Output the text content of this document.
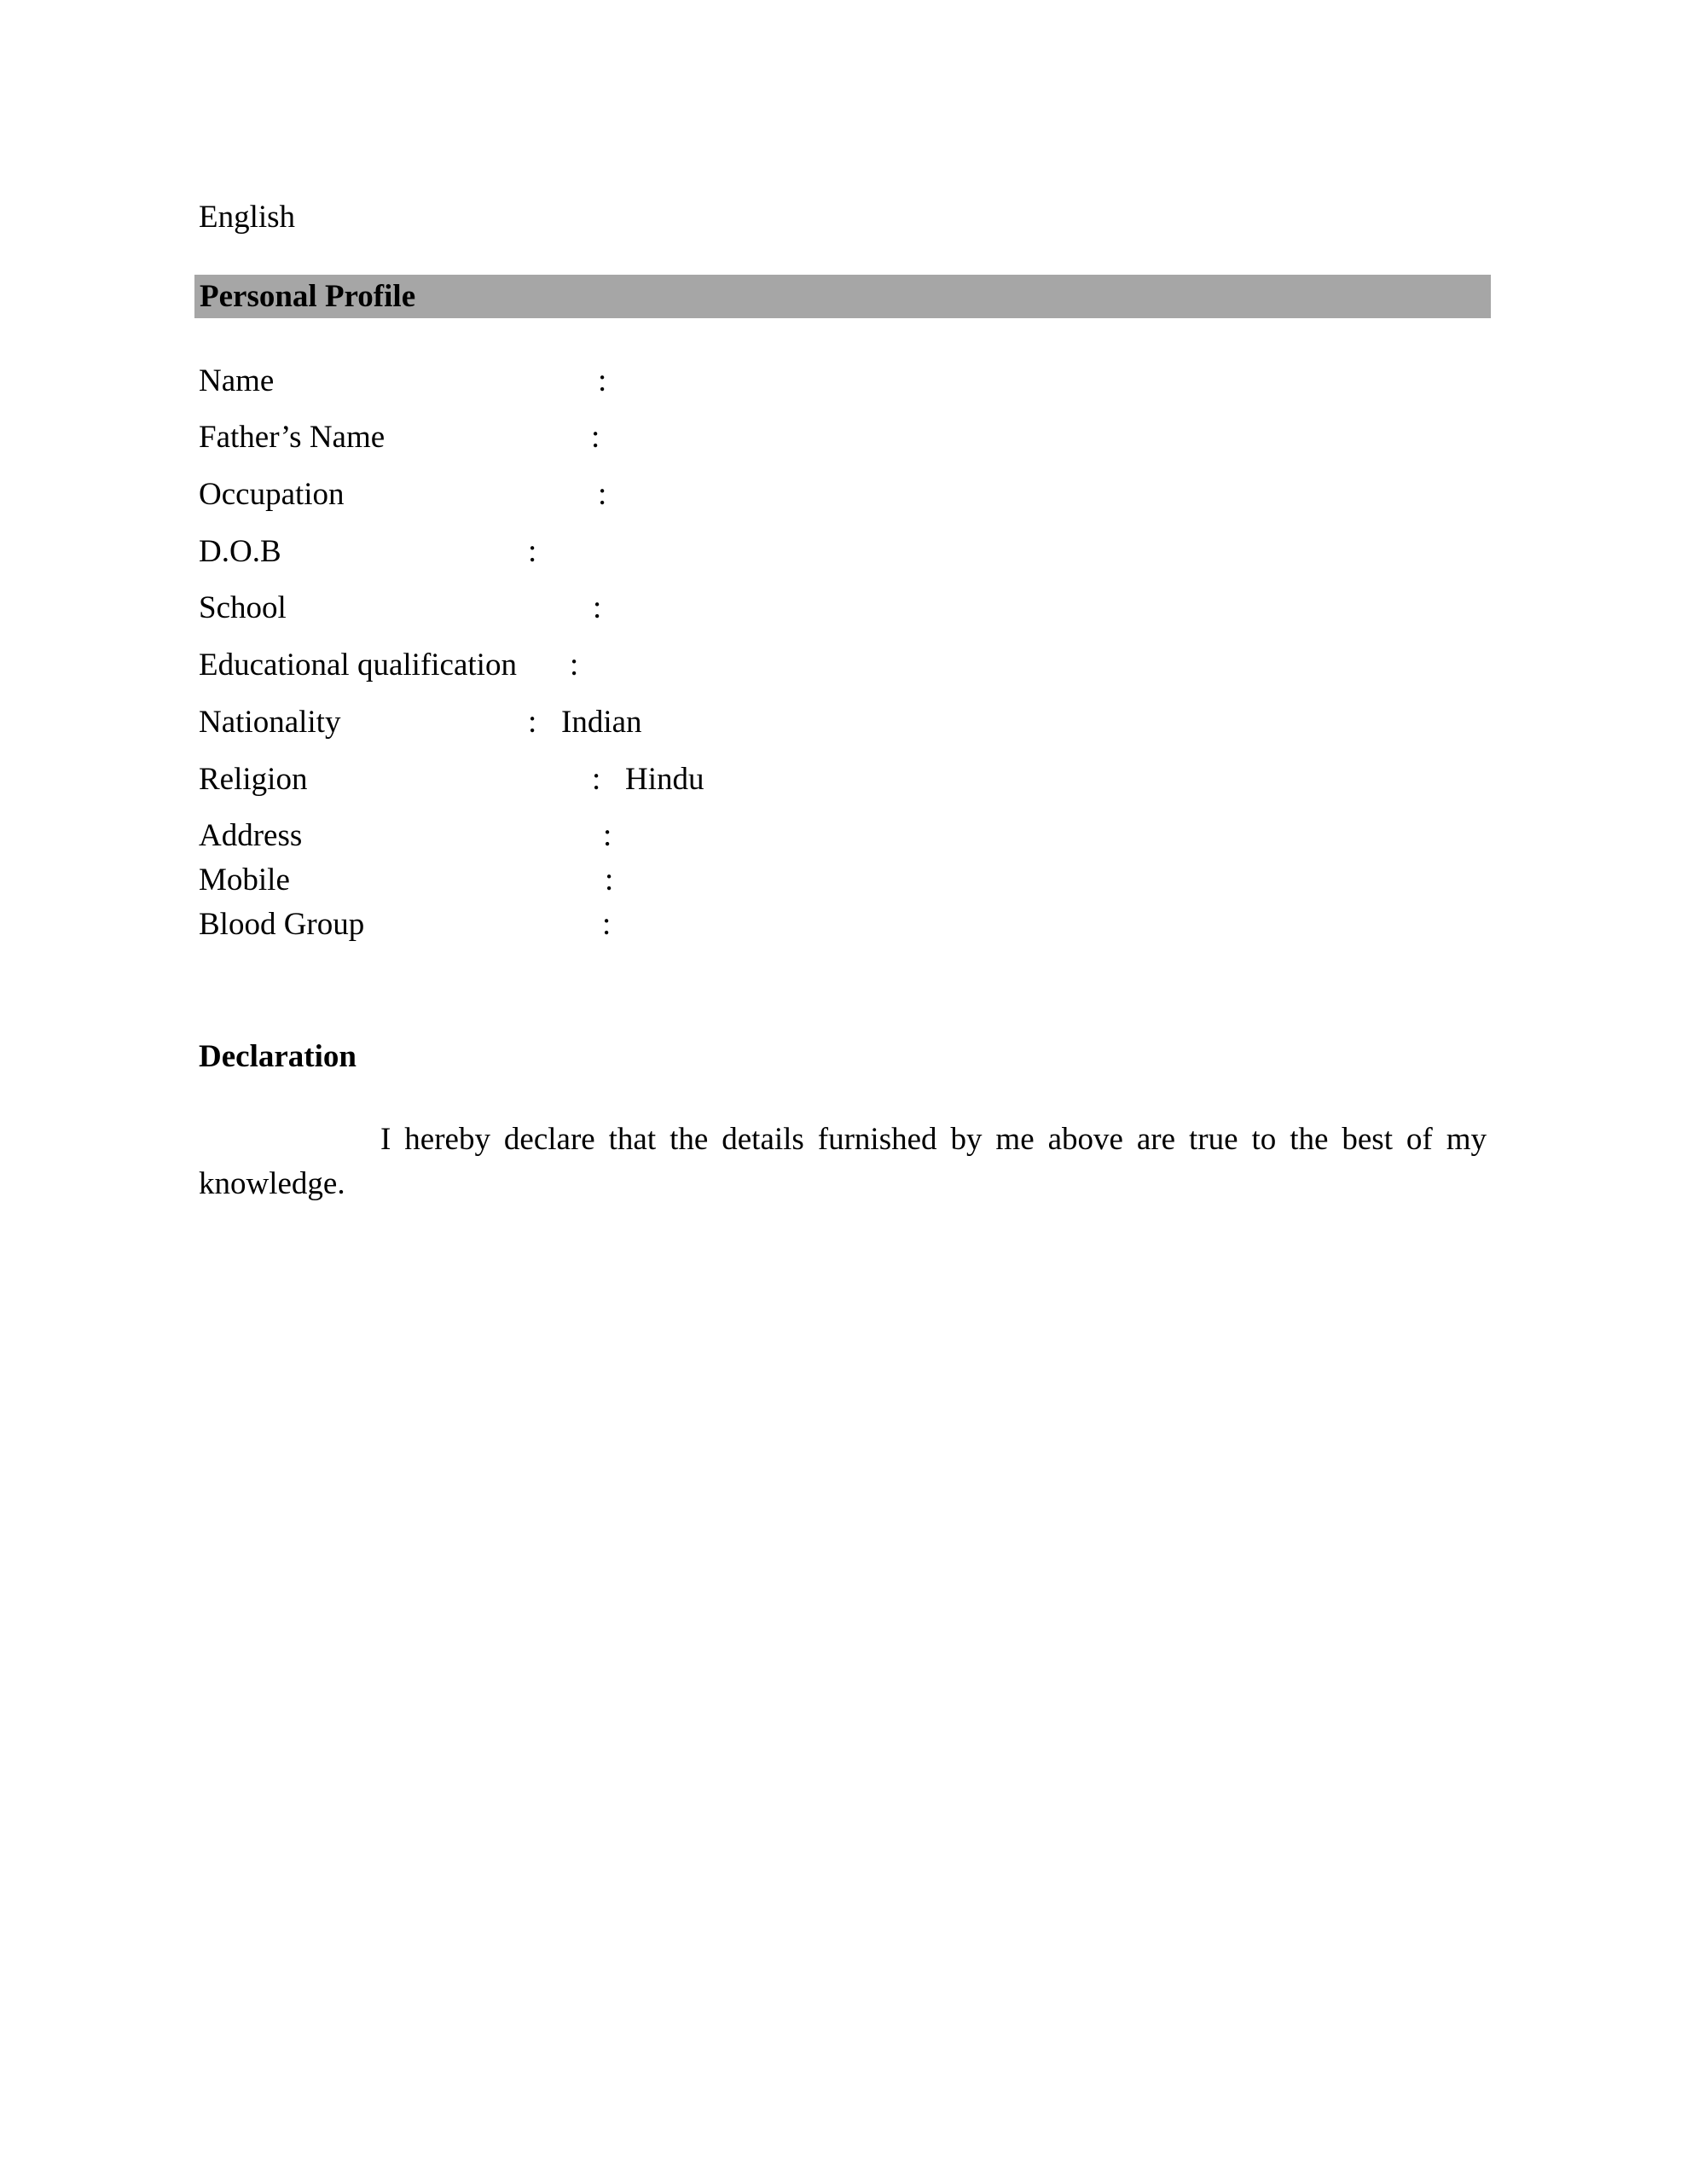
English
Personal Profile
Name	:
Father’s Name	:
Occupation	:
D.O.B	:
School	:
Educational qualification :
Nationality	: Indian
Religion	: Hindu
Address	:
Mobile	:
Blood Group	:
Declaration
I hereby declare that the details furnished by me above are true to the best of my knowledge.
